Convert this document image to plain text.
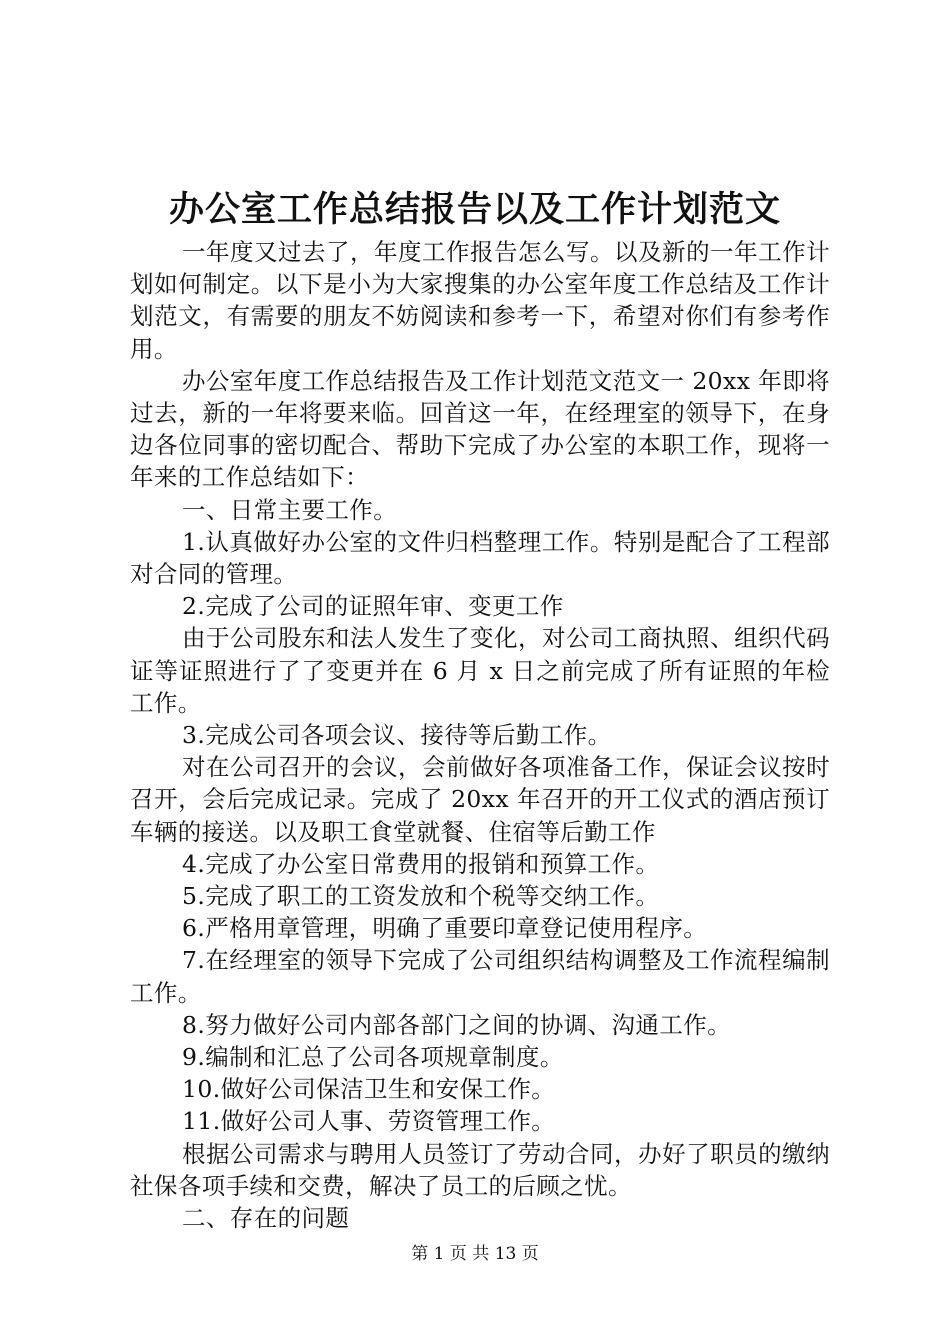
办公室工作总结报告以及工作计划范文

一年度又过去了，年度工作报告怎么写。以及新的一年工作计划如何制定。以下是小为大家搜集的办公室年度工作总结及工作计划范文，有需要的朋友不妨阅读和参考一下，希望对你们有参考作用。

办公室年度工作总结报告及工作计划范文范文一 20xx 年即将过去，新的一年将要来临。回首这一年，在经理室的领导下，在身边各位同事的密切配合、帮助下完成了办公室的本职工作，现将一年来的工作总结如下：

一、日常主要工作。

1.认真做好办公室的文件归档整理工作。特别是配合了工程部对合同的管理。

2.完成了公司的证照年审、变更工作

由于公司股东和法人发生了变化，对公司工商执照、组织代码证等证照进行了了变更并在 6 月 x 日之前完成了所有证照的年检工作。

3.完成公司各项会议、接待等后勤工作。

对在公司召开的会议，会前做好各项准备工作，保证会议按时召开，会后完成记录。完成了 20xx 年召开的开工仪式的酒店预订车辆的接送。以及职工食堂就餐、住宿等后勤工作

4.完成了办公室日常费用的报销和预算工作。

5.完成了职工的工资发放和个税等交纳工作。

6.严格用章管理，明确了重要印章登记使用程序。

7.在经理室的领导下完成了公司组织结构调整及工作流程编制工作。

8.努力做好公司内部各部门之间的协调、沟通工作。

9.编制和汇总了公司各项规章制度。

10.做好公司保洁卫生和安保工作。

11.做好公司人事、劳资管理工作。

根据公司需求与聘用人员签订了劳动合同，办好了职员的缴纳社保各项手续和交费，解决了员工的后顾之忧。

二、存在的问题

第 1 页 共 13 页
